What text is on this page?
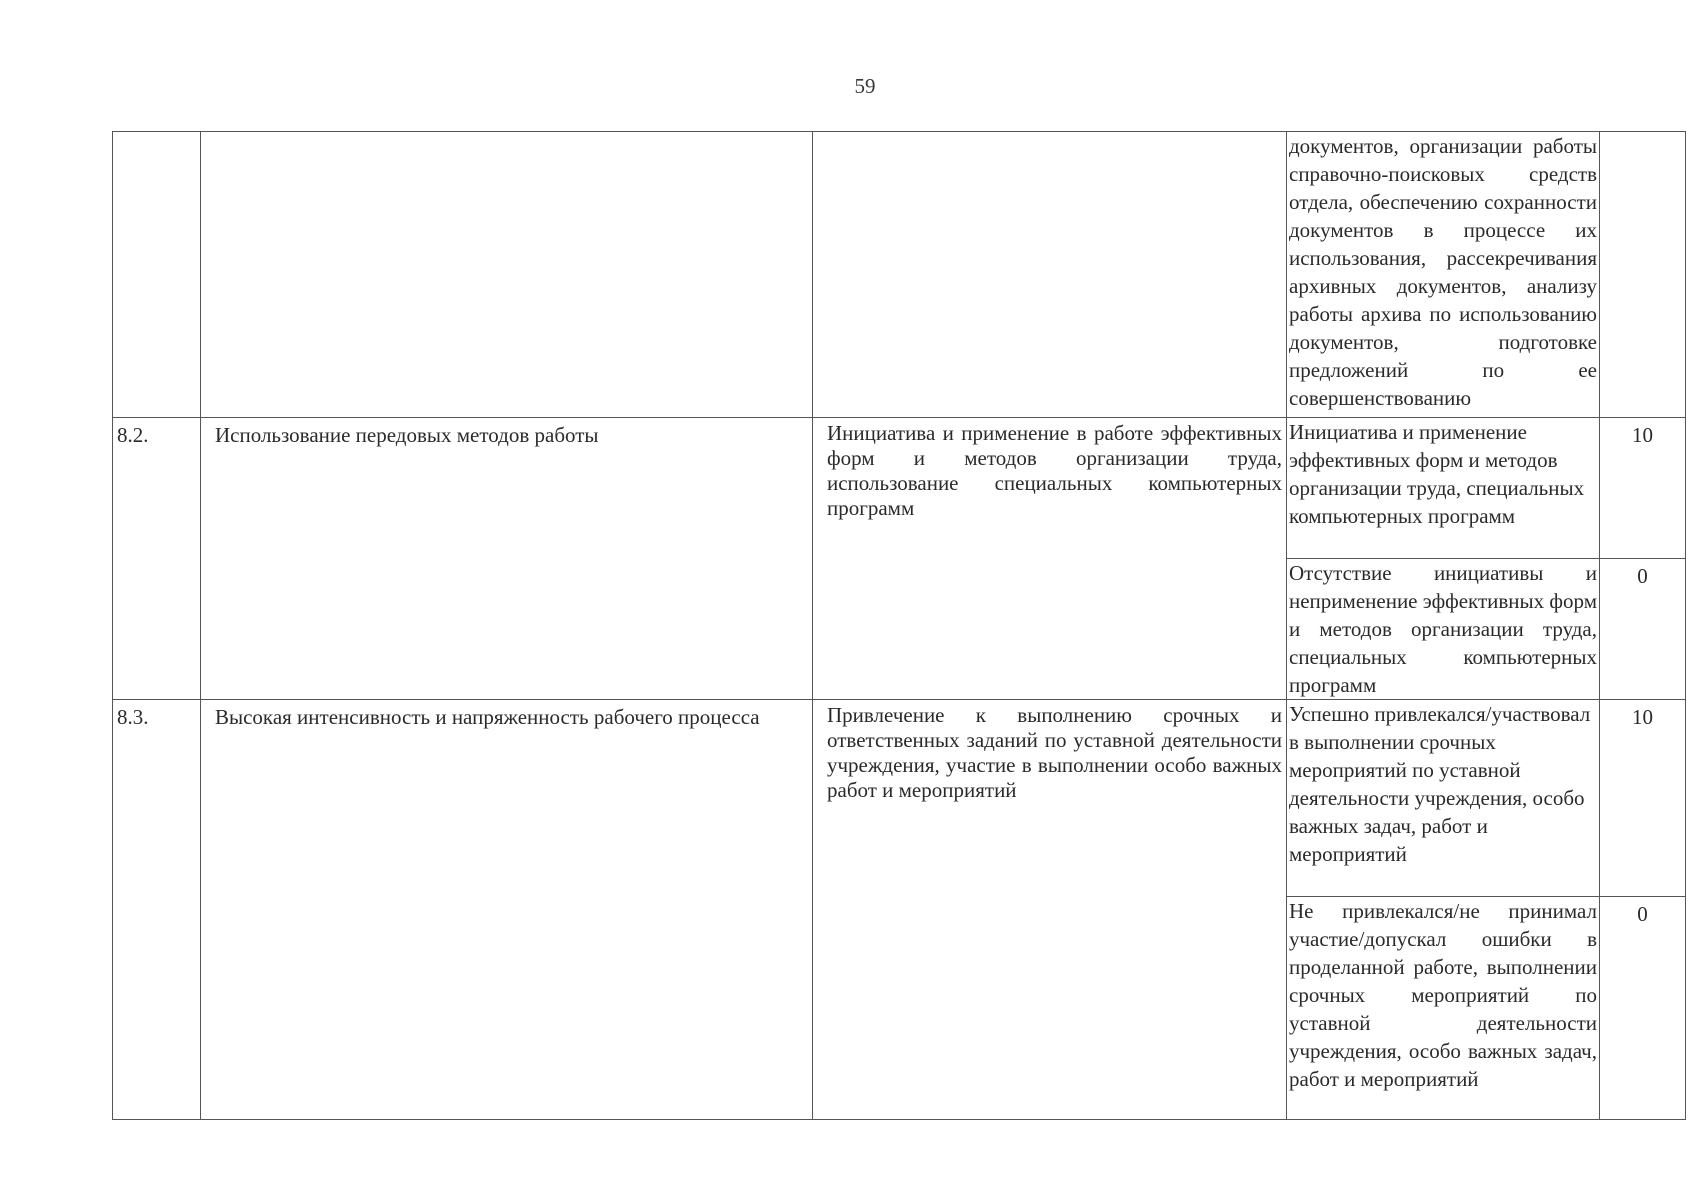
59
			документов, организации работы справочно-поисковых средств отдела, обеспечению сохранности документов в процессе их использования, рассекречивания архивных документов, анализу работы архива по использованию документов, подготовке предложений по ее совершенствованию	
8.2.	Использование передовых методов работы	Инициатива и применение в работе эффективных форм и методов организации труда, использование специальных компьютерных программ	Инициатива и применение эффективных форм и методов организации труда, специальных компьютерных программ	10
			Отсутствие инициативы и неприменение эффективных форм и методов организации труда, специальных компьютерных программ	0
8.3.	Высокая интенсивность и напряженность рабочего процесса	Привлечение к выполнению срочных и ответственных заданий по уставной деятельности учреждения, участие в выполнении особо важных работ и мероприятий	Успешно привлекался/участвовал в выполнении срочных мероприятий по уставной деятельности учреждения, особо важных задач, работ и мероприятий	10
			Не привлекался/не принимал участие/допускал ошибки в проделанной работе, выполнении срочных мероприятий по уставной деятельности учреждения, особо важных задач, работ и мероприятий	0
